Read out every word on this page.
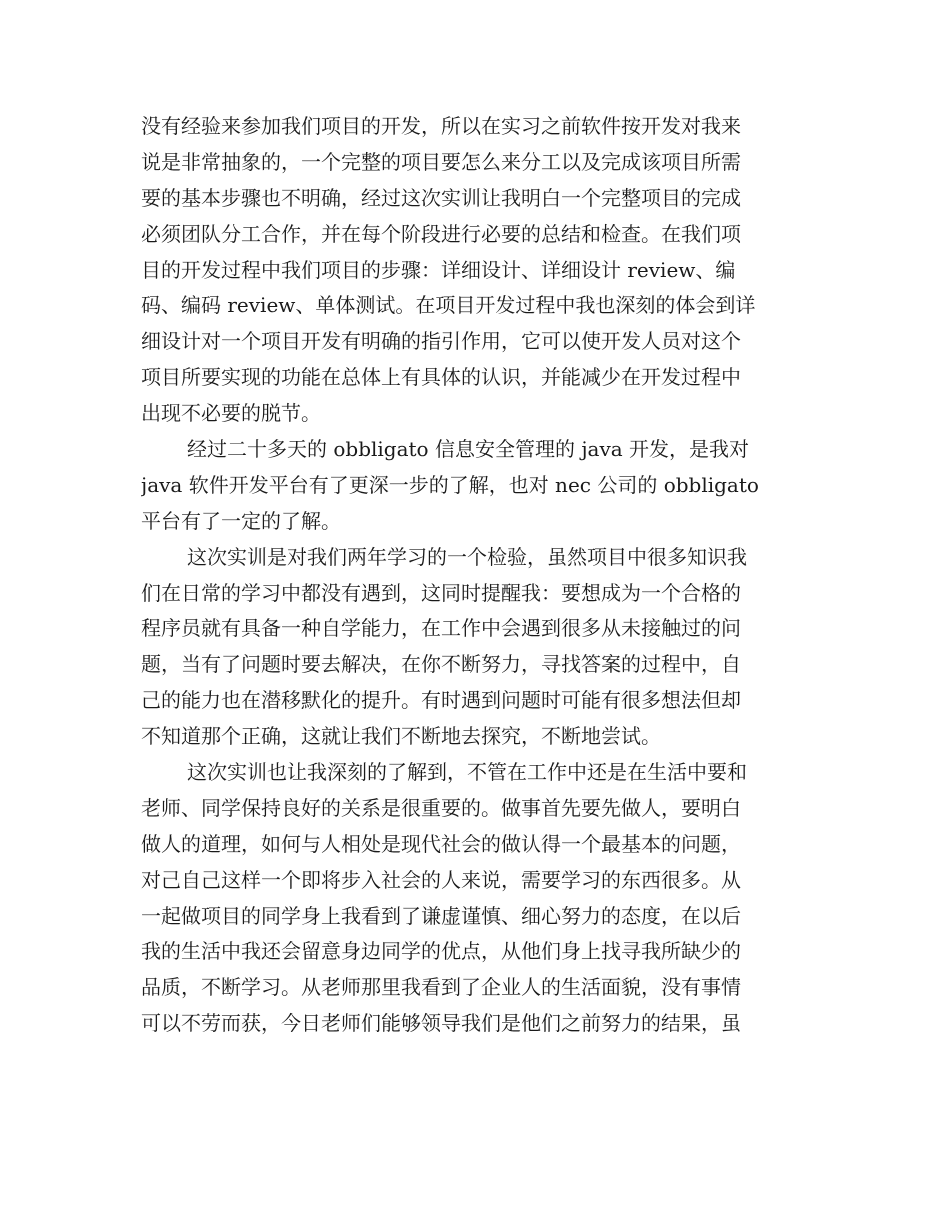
没有经验来参加我们项目的开发，所以在实习之前软件按开发对我来
说是非常抽象的，一个完整的项目要怎么来分工以及完成该项目所需
要的基本步骤也不明确，经过这次实训让我明白一个完整项目的完成
必须团队分工合作，并在每个阶段进行必要的总结和检查。在我们项
目的开发过程中我们项目的步骤：详细设计、详细设计 review、编
码、编码 review、单体测试。在项目开发过程中我也深刻的体会到详
细设计对一个项目开发有明确的指引作用，它可以使开发人员对这个
项目所要实现的功能在总体上有具体的认识，并能减少在开发过程中
出现不必要的脱节。
经过二十多天的 obbligato 信息安全管理的 java 开发，是我对
java 软件开发平台有了更深一步的了解，也对 nec 公司的 obbligato
平台有了一定的了解。
这次实训是对我们两年学习的一个检验，虽然项目中很多知识我
们在日常的学习中都没有遇到，这同时提醒我：要想成为一个合格的
程序员就有具备一种自学能力，在工作中会遇到很多从未接触过的问
题，当有了问题时要去解决，在你不断努力，寻找答案的过程中，自
己的能力也在潜移默化的提升。有时遇到问题时可能有很多想法但却
不知道那个正确，这就让我们不断地去探究，不断地尝试。
这次实训也让我深刻的了解到，不管在工作中还是在生活中要和
老师、同学保持良好的关系是很重要的。做事首先要先做人，要明白
做人的道理，如何与人相处是现代社会的做认得一个最基本的问题，
对己自己这样一个即将步入社会的人来说，需要学习的东西很多。从
一起做项目的同学身上我看到了谦虚谨慎、细心努力的态度，在以后
我的生活中我还会留意身边同学的优点，从他们身上找寻我所缺少的
品质，不断学习。从老师那里我看到了企业人的生活面貌，没有事情
可以不劳而获，今日老师们能够领导我们是他们之前努力的结果，虽
